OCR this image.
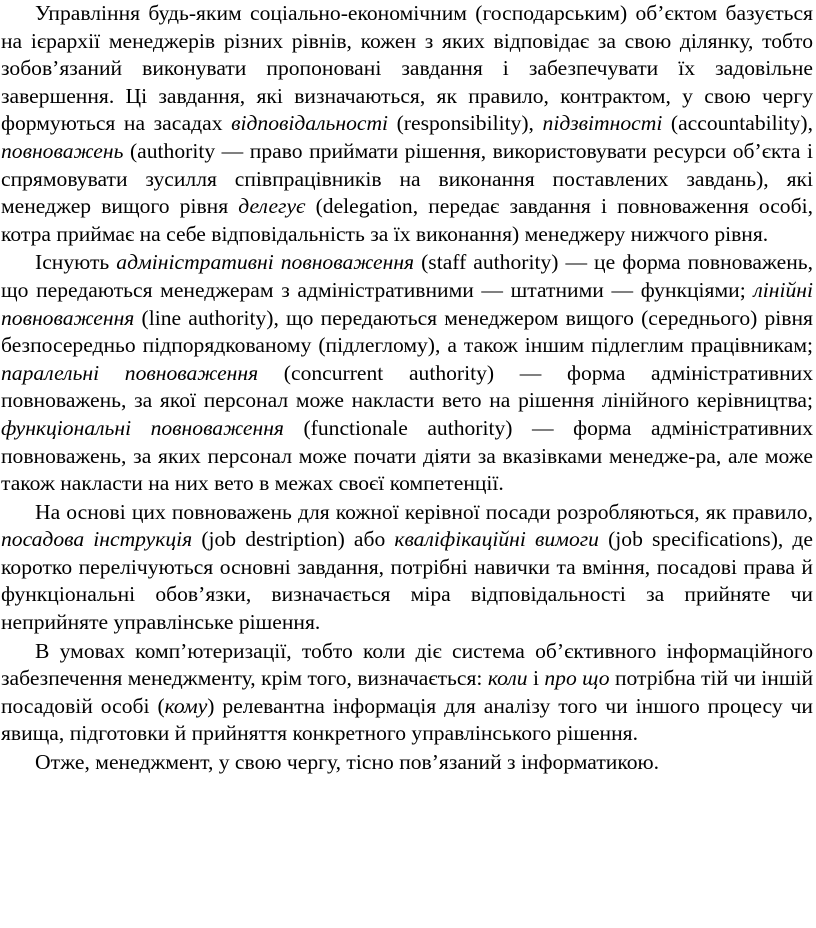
Управління будь-яким соціально-економічним (господарським) об’єктом базується на ієрархії менеджерів різних рівнів, кожен з яких відповідає за свою ділянку, тобто зобов’язаний виконувати пропоновані завдання і забезпечувати їх задовільне завершення. Ці завдання, які визначаються, як правило, контрактом, у свою чергу формуються на засадах відповідальності (responsibility), підзвітності (accountability), повноважень (authority — право приймати рішення, використовувати ресурси об’єкта і спрямовувати зусилля співпрацівників на виконання поставлених завдань), які менеджер вищого рівня делегує (delegation, передає завдання і повноваження особі, котра приймає на себе відповідальність за їх виконання) менеджеру нижчого рівня.

Існують адміністративні повноваження (staff authority) — це форма повноважень, що передаються менеджерам з адміністративними — штатними — функціями; лінійні повноваження (line authority), що передаються менеджером вищого (середнього) рівня безпосередньо підпорядкованому (підлеглому), а також іншим підлеглим працівникам; паралельні повноваження (concurrent authority) — форма адміністративних повноважень, за якої персонал може накласти вето на рішення лінійного керівництва; функціональні повноваження (functionale authority) — форма адміністративних повноважень, за яких персонал може почати діяти за вказівками менедже-ра, але може також накласти на них вето в межах своєї компетенції.

На основі цих повноважень для кожної керівної посади розробляються, як правило, посадова інструкція (job destription) або кваліфікаційні вимоги (job specifications), де коротко перелічуються основні завдання, потрібні навички та вміння, посадові права й функціональні обов’язки, визначається міра відповідальності за прийняте чи неприйняте управлінське рішення.

В умовах комп’ютеризації, тобто коли діє система об’єктивного інформаційного забезпечення менеджменту, крім того, визначається: коли і про що потрібна тій чи іншій посадовій особі (кому) релевантна інформація для аналізу того чи іншого процесу чи явища, підготовки й прийняття конкретного управлінського рішення.

Отже, менеджмент, у свою чергу, тісно пов’язаний з інформатикою.
